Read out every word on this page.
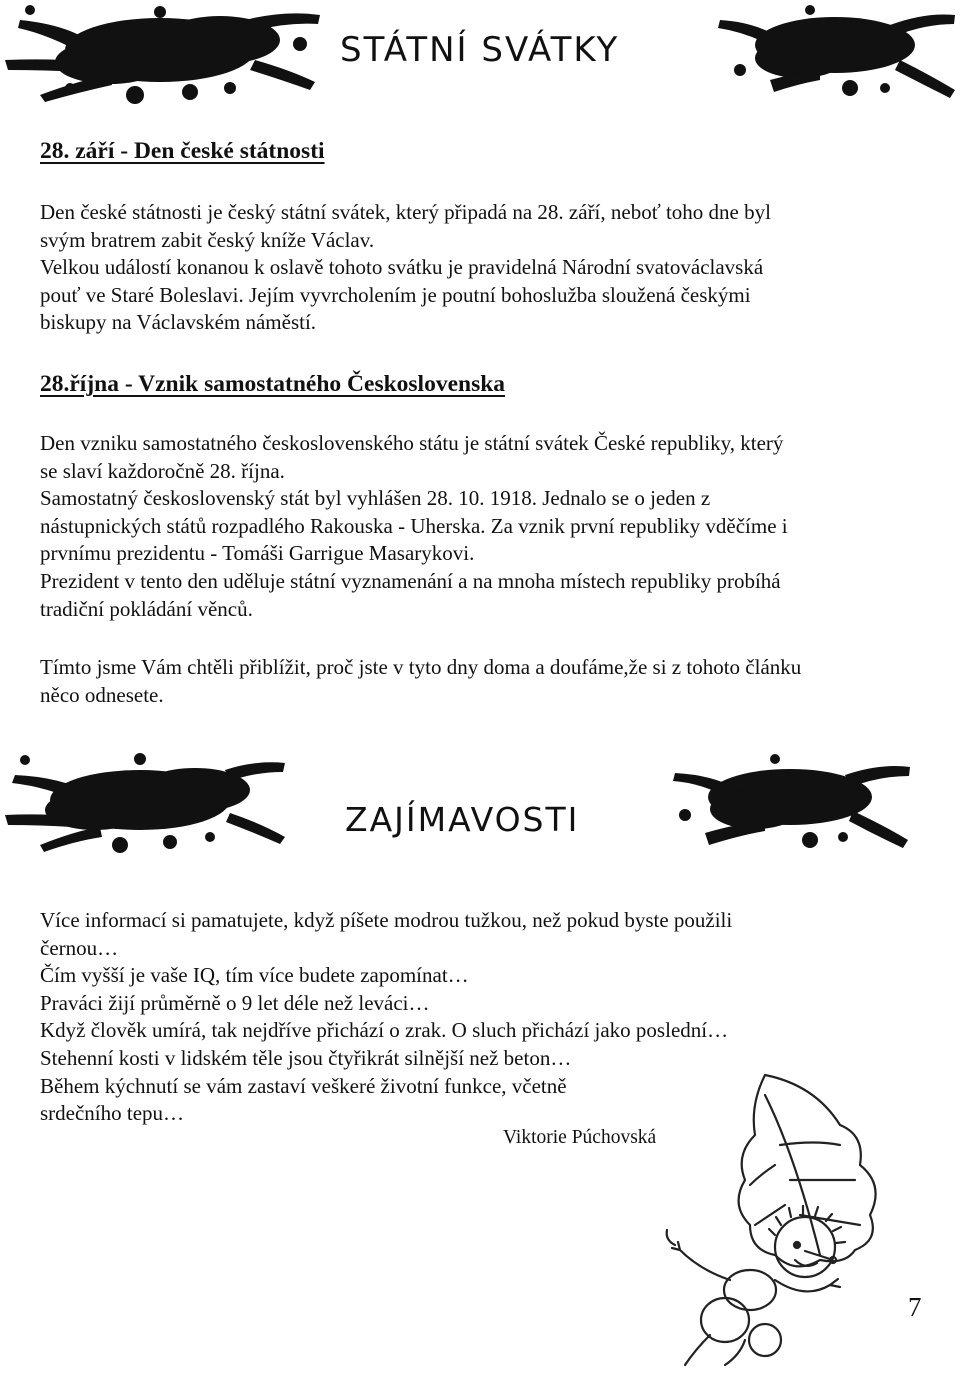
STÁTNÍ SVÁTKY
28. září - Den české státnosti
Den české státnosti je český státní svátek, který připadá na 28. září, neboť toho dne byl
svým bratrem zabit český kníže Václav.
Velkou událostí konanou k oslavě tohoto svátku je pravidelná Národní svatováclavská
pouť ve Staré Boleslavi. Jejím vyvrcholením je poutní bohoslužba sloužená českými
biskupy na Václavském náměstí.
28.října - Vznik samostatného Československa
Den vzniku samostatného československého státu je státní svátek České republiky, který
se slaví každoročně 28. října.
Samostatný československý stát byl vyhlášen 28. 10. 1918. Jednalo se o jeden z
nástupnických států rozpadlého Rakouska - Uherska. Za vznik první republiky vděčíme i
prvnímu prezidentu - Tomáši Garrigue Masarykovi.
Prezident v tento den uděluje státní vyznamenání a na mnoha místech republiky probíhá
tradiční pokládání věnců.
Tímto jsme Vám chtěli přiblížit, proč jste v tyto dny doma a doufáme,že si z tohoto článku
něco odnesete.
ZAJÍMAVOSTI
Více informací si pamatujete, když píšete modrou tužkou, než pokud byste použili
černou…
Čím vyšší je vaše IQ, tím více budete zapomínat…
Praváci žijí průměrně o 9 let déle než leváci…
Když člověk umírá, tak nejdříve přichází o zrak. O sluch přichází jako poslední…
Stehenní kosti v lidském těle jsou čtyřikrát silnější než beton…
Během kýchnutí se vám zastaví veškeré životní funkce, včetně
srdečního tepu…
Viktorie Púchovská
7
